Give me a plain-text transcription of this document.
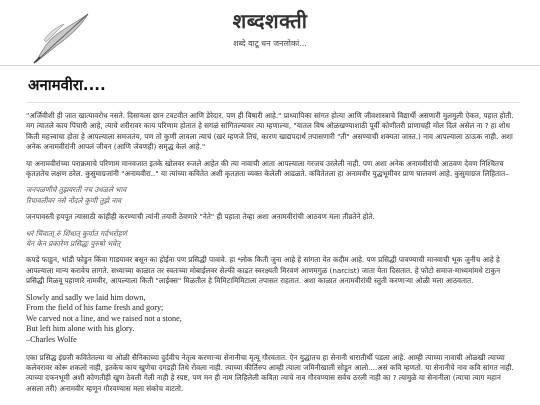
शब्दशक्ती
शब्दे वाटू धन जनलोकां...
अनामवीरा....

"अर्जिवीशी ही जात खात्यावरोध नसते. दिसायला छान टवटवीत आणि डेरेदार. पण ही विषारी आहे." प्राध्यापिका सांगत होत्या आणि जीवशास्त्राचे विद्यार्थी असणारी मुलमुली ऐकत, पहात होती. मग त्यातले काय पिचारी आहे, त्याचे शरीरावर काय परिणाम होतात हे सगळं सांगितल्यावर त्या म्हणाल्या, "यातल विष ओळखण्याशाठी पूर्वी कोणीतरी प्राणाचही मोल दिलं असेल ना ? हा शोध किती महत्त्वाचा होता हे आपल्याला समजतंय, पण तो कुणी लावला त्याचं (खरं म्हणजे तिचं, कारण खाद्यपदार्थ तपासणारी "ती" असण्याची शक्यता जास्त.) नाव आपल्याला ठाऊक नाही. अशा अनेक अनामवीरांनी आपलं जीवन (आणि जेवणही) समृद्ध केलं आहे."

या अनामवीरांच्या पराक्रमाचे परिणाम मानवजात इतके खोलवर रुजले आहेत की त्या नावाची आता आपल्याला गरजच उरलेली नाही. पण अशा अनेक अनामवीरांची आठवण देवण निश्चितच कृतज्ञतेच लक्षण ठरेल. कुसुमाग्रजांनी "अनामवीरा.." या त्यांच्या कवितेत अशी कृतज्ञता व्यक्त केलेली आढळते. कवितेतला हा अनामवीर युद्धभूमीवर प्राण घालवणं आहे. कुसुमाग्रज लिहितात–

जनपळणीचे तुझवरती नच उधळले भाव
रिपावलीवर नसे नोंदले कुणी तुझे नाव

जनपावस्ती हयपूत त्यासाठी कांहीही करण्याची त्यांनी तयारी ठेवणारे "नेते" ही पहाता तेव्हा अशा अनामवीरांची आठवण मला तीव्रतेने होते.

धरं चिंवाता् रुं शिंधात् कुर्यात गर्दभरोहणं
येन केन प्रकारेण प्रसिद्धः पुरुषो भवेत्

कपडे फाडुन, भांडी फोडुन किंवा गाडयावर बसून का होईना पण प्रसिद्धी पावावे. हा श्लोक किती जुना आहे हे सांगता येत कदीम आहे. पण प्रसिद्धी पावण्याची मानवाची भूक जुनीच आहे हे आपल्याला मान्य करावेच लागते. सध्याच्या काळात तर स्वतःच्या मोबाईलवर सेल्फी काढत स्वरक्ष्यती मिरवणं आणमगुळ (narcist) जाता येता दिसतात. हे फोटो समाज-माध्यमांमधे टाकुन प्रसिद्धी मिळवू पहाणारे नामवीर, आपल्याला किती "लाईक्स" मिळतील हे मिमिटामिमिटाला तपासत राहतात. अशा काळात अनामवीरांची स्तुती करणाऱ्या ओळी मला आठवतात.

Slowly and sadly we laid him down,
From the field of his fame fresh and gory;
We carved not a line, and we raised not a stone,
But left him alone with his glory.
–Charles Wolfe

एका प्रसिद्ध इंग्रजी कवितेतल्या या ओळी सैनिकाच्या दुर्दवीच नेतृत्व करणाऱ्या सेनानीचा मृत्यू गौरवतात. ऐन युद्धातच हा सेनानी धारातीर्थी पडला आहे. आम्ही त्याच्या नावाची ओळखी त्याच्या कलेवरावर कोरू शकलो नाही, इतकेच काय खुणेचा दगडही तिथे रोवला नाही. त्याच्या कीर्तिरुप आम्ही त्याला जमिनीखाली सोडून आलो....असं कवि म्हणतो. या सेनानीचे नाव कवि सांगत नाही. त्याच्या दफनभूमी अशी कोणतीही खुण ठेवली गेली नाही हे स्पष्ट, पण मन ही नाम लिहिलेली कविता त्याचे नाव गौरवण्यास सर्वच ठरली नाही का ? त्यामुळे या सेनानीला (त्याचा त्याग महान असला तरी) अनामवीर म्हणून गौरवण्यास मला संकोच वाटतो.
